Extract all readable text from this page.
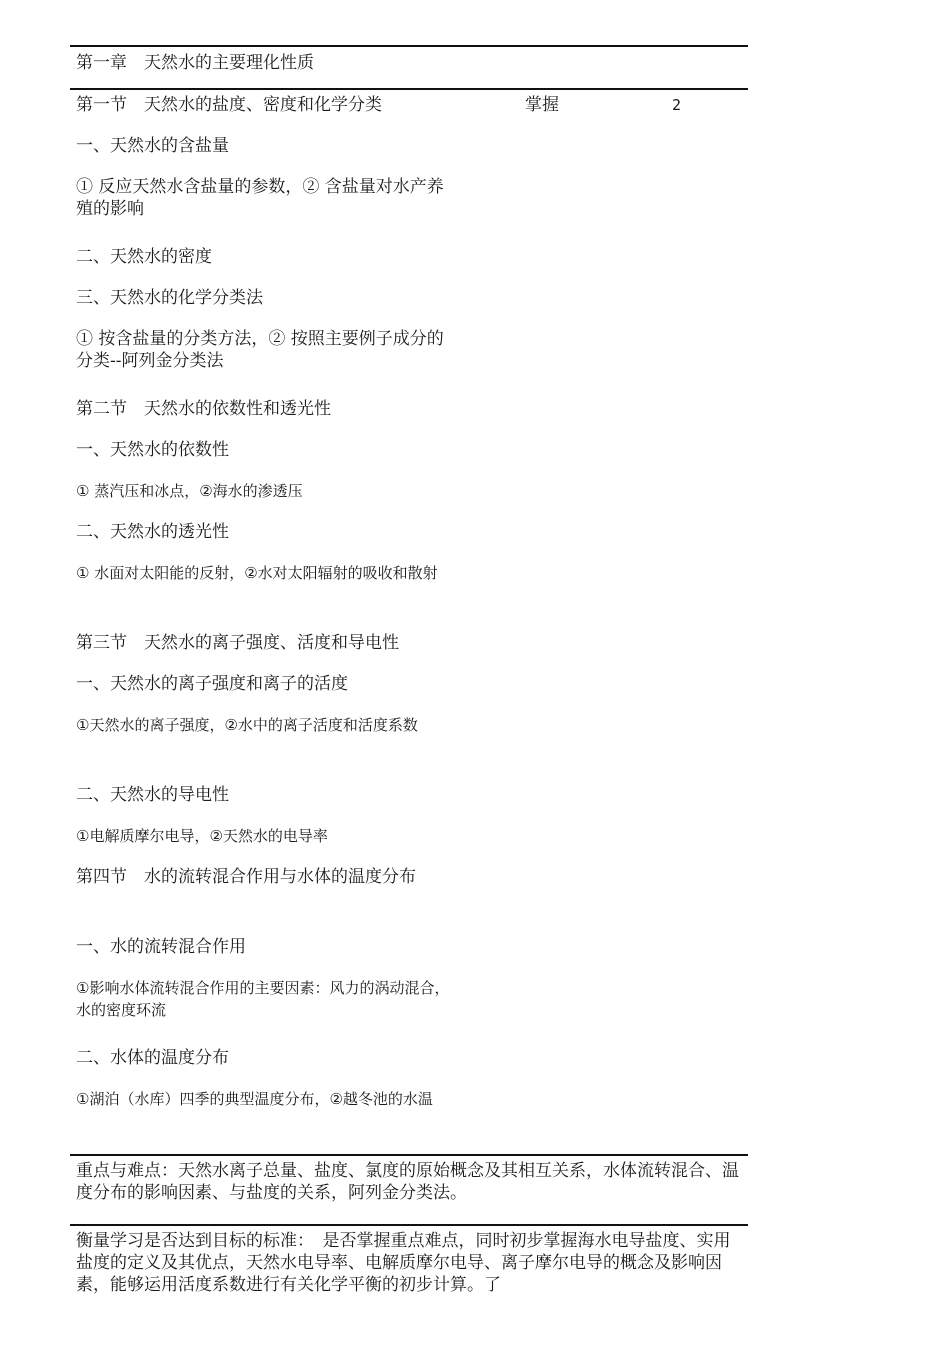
第一章　天然水的主要理化性质
第一节　天然水的盐度、密度和化学分类	掌握	2
一、天然水的含盐量
① 反应天然水含盐量的参数，② 含盐量对水产养殖的影响
二、天然水的密度
三、天然水的化学分类法
① 按含盐量的分类方法，② 按照主要例子成分的分类--阿列金分类法
第二节　天然水的依数性和透光性
一、天然水的依数性
① 蒸汽压和冰点，②海水的渗透压
二、天然水的透光性
① 水面对太阳能的反射，②水对太阳辐射的吸收和散射
第三节　天然水的离子强度、活度和导电性
一、天然水的离子强度和离子的活度
①天然水的离子强度，②水中的离子活度和活度系数
二、天然水的导电性
①电解质摩尔电导，②天然水的电导率
第四节　水的流转混合作用与水体的温度分布
一、水的流转混合作用
①影响水体流转混合作用的主要因素：风力的涡动混合，水的密度环流
二、水体的温度分布
①湖泊（水库）四季的典型温度分布，②越冬池的水温
重点与难点：天然水离子总量、盐度、氯度的原始概念及其相互关系，水体流转混合、温度分布的影响因素、与盐度的关系，阿列金分类法。
衡量学习是否达到目标的标准：　是否掌握重点难点，同时初步掌握海水电导盐度、实用盐度的定义及其优点，天然水电导率、电解质摩尔电导、离子摩尔电导的概念及影响因素，能够运用活度系数进行有关化学平衡的初步计算。了
